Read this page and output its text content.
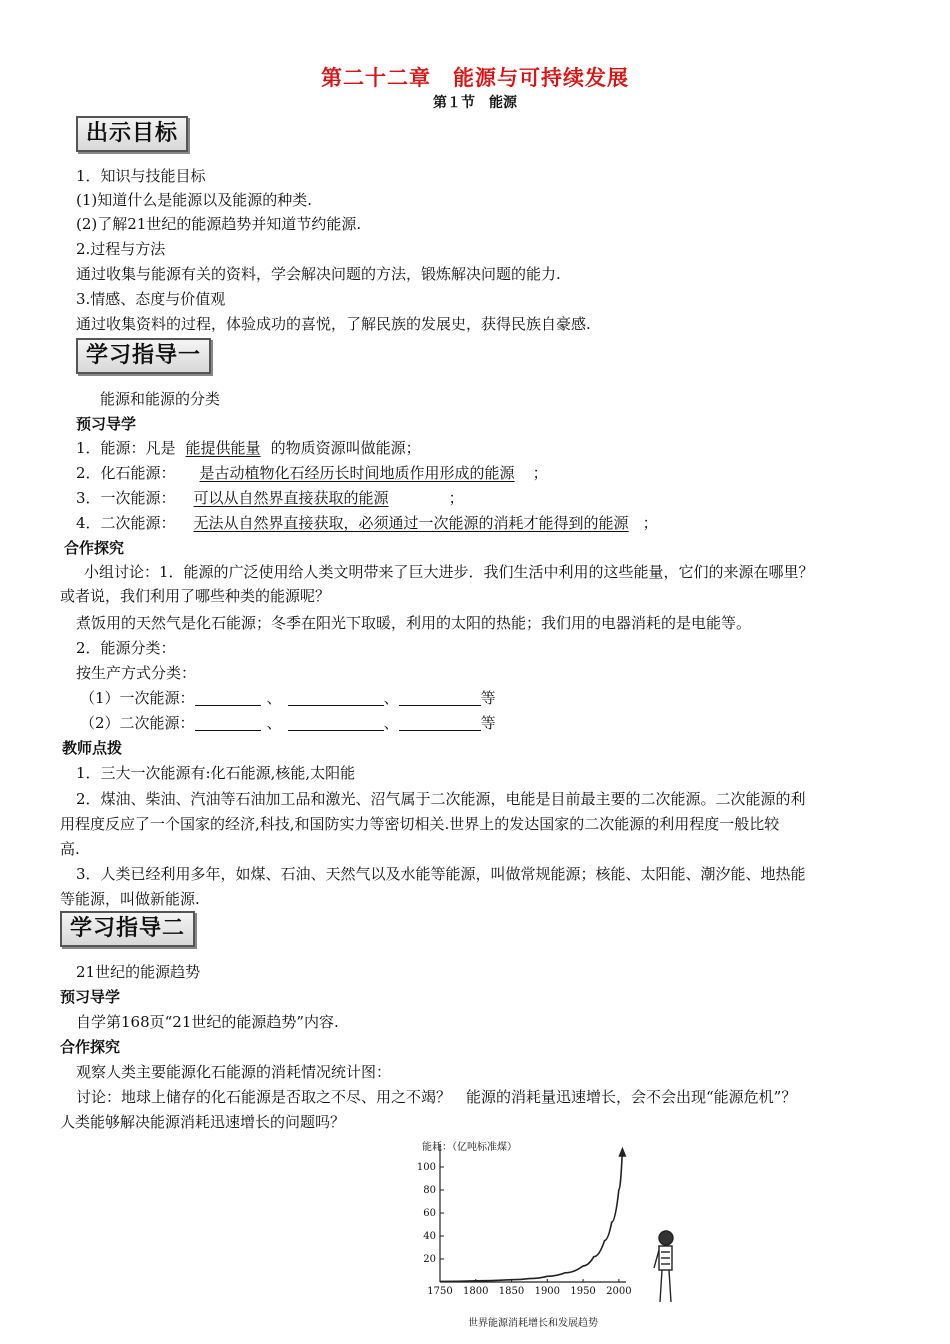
第二十二章　能源与可持续发展
第１节　能源
出示目标
1．知识与技能目标
(1)知道什么是能源以及能源的种类.
(2)了解21世纪的能源趋势并知道节约能源.
2.过程与方法
通过收集与能源有关的资料，学会解决问题的方法，锻炼解决问题的能力.
3.情感、态度与价值观
通过收集资料的过程，体验成功的喜悦，了解民族的发展史，获得民族自豪感.
学习指导一
能源和能源的分类
预习导学
1．能源：凡是 能提供能量 的物质资源叫做能源；
2．化石能源： 是古动植物化石经历长时间地质作用形成的能源 ；
3．一次能源： 可以从自然界直接获取的能源	；
4．二次能源： 无法从自然界直接获取，必须通过一次能源的消耗才能得到的能源 ；
合作探究
小组讨论：1．能源的广泛使用给人类文明带来了巨大进步．我们生活中利用的这些能量，它们的来源在哪里？
或者说，我们利用了哪些种类的能源呢？
煮饭用的天然气是化石能源；冬季在阳光下取暖，利用的太阳的热能；我们用的电器消耗的是电能等。
2．能源分类：
按生产方式分类：
（1）一次能源：	、	、	等
（2）二次能源：	、	、	等
教师点拨
1．三大一次能源有:化石能源,核能,太阳能
2．煤油、柴油、汽油等石油加工品和激光、沼气属于二次能源，电能是目前最主要的二次能源。二次能源的利
用程度反应了一个国家的经济,科技,和国防实力等密切相关.世界上的发达国家的二次能源的利用程度一般比较
高.
3．人类已经利用多年，如煤、石油、天然气以及水能等能源，叫做常规能源；核能、太阳能、潮汐能、地热能
等能源，叫做新能源.
学习指导二
21世纪的能源趋势
预习导学
自学第168页“21世纪的能源趋势”内容.
合作探究
观察人类主要能源化石能源的消耗情况统计图：
讨论：地球上储存的化石能源是否取之不尽、用之不竭？　能源的消耗量迅速增长，会不会出现“能源危机”？
人类能够解决能源消耗迅速增长的问题吗？
1750 1800 1850 1900 1950 2000
20
40
60
80
100
能耗：（亿吨标准煤）
世界能源消耗增长和发展趋势
